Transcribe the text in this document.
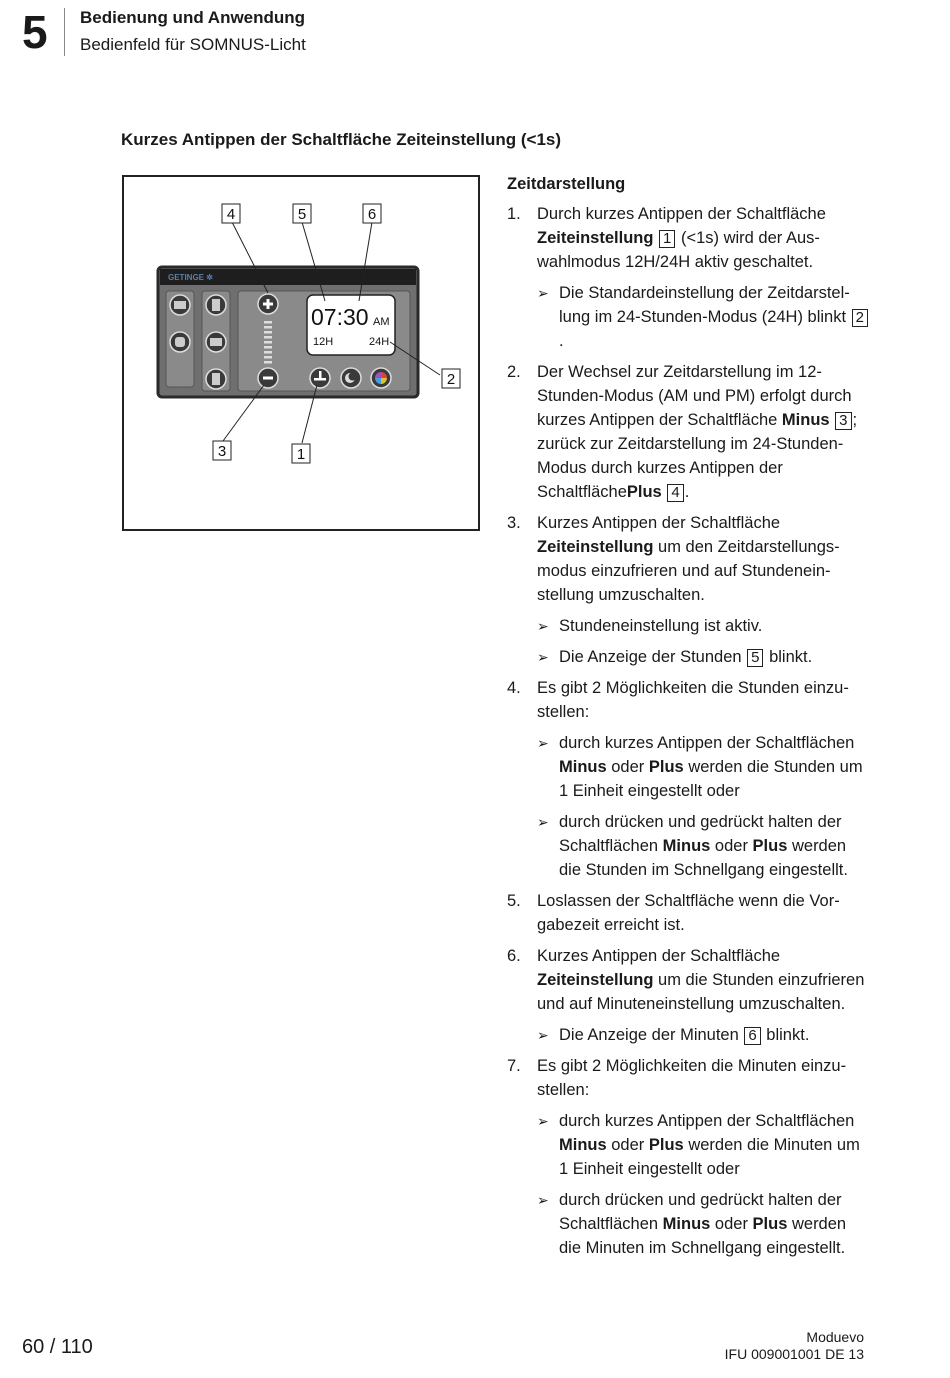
5 Bedienung und Anwendung
Bedienfeld für SOMNUS-Licht
Kurzes Antippen der Schaltfläche Zeiteinstellung (<1s)
GETINGE ✲
07:30 AM
12H	24H
4	5	6
2
3	1
Zeitdarstellung
1. Durch kurzes Antippen der Schaltfläche Zeiteinstellung 1 (<1s) wird der Auswahlmodus 12H/24H aktiv geschaltet.
➢ Die Standardeinstellung der Zeitdarstellung im 24-Stunden-Modus (24H) blinkt 2.
2. Der Wechsel zur Zeitdarstellung im 12-Stunden-Modus (AM und PM) erfolgt durch kurzes Antippen der Schaltfläche Minus 3 ; zurück zur Zeitdarstellung im 24-Stunden-Modus durch kurzes Antippen der SchaltflächePlus 4 .
3. Kurzes Antippen der Schaltfläche Zeiteinstellung um den Zeitdarstellungsmodus einzufrieren und auf Stundeneinstellung umzuschalten.
➢ Stundeneinstellung ist aktiv.
➢ Die Anzeige der Stunden 5 blinkt.
4. Es gibt 2 Möglichkeiten die Stunden einzustellen:
➢ durch kurzes Antippen der Schaltflächen Minus oder Plus werden die Stunden um 1 Einheit eingestellt oder
➢ durch drücken und gedrückt halten der Schaltflächen Minus oder Plus werden die Stunden im Schnellgang eingestellt.
5. Loslassen der Schaltfläche wenn die Vorgabezeit erreicht ist.
6. Kurzes Antippen der Schaltfläche Zeiteinstellung um die Stunden einzufrieren und auf Minuteneinstellung umzuschalten.
➢ Die Anzeige der Minuten 6 blinkt.
7. Es gibt 2 Möglichkeiten die Minuten einzustellen:
➢ durch kurzes Antippen der Schaltflächen Minus oder Plus werden die Minuten um 1 Einheit eingestellt oder
➢ durch drücken und gedrückt halten der Schaltflächen Minus oder Plus werden die Minuten im Schnellgang eingestellt.
60 / 110	Moduevo
IFU 009001001 DE 13
